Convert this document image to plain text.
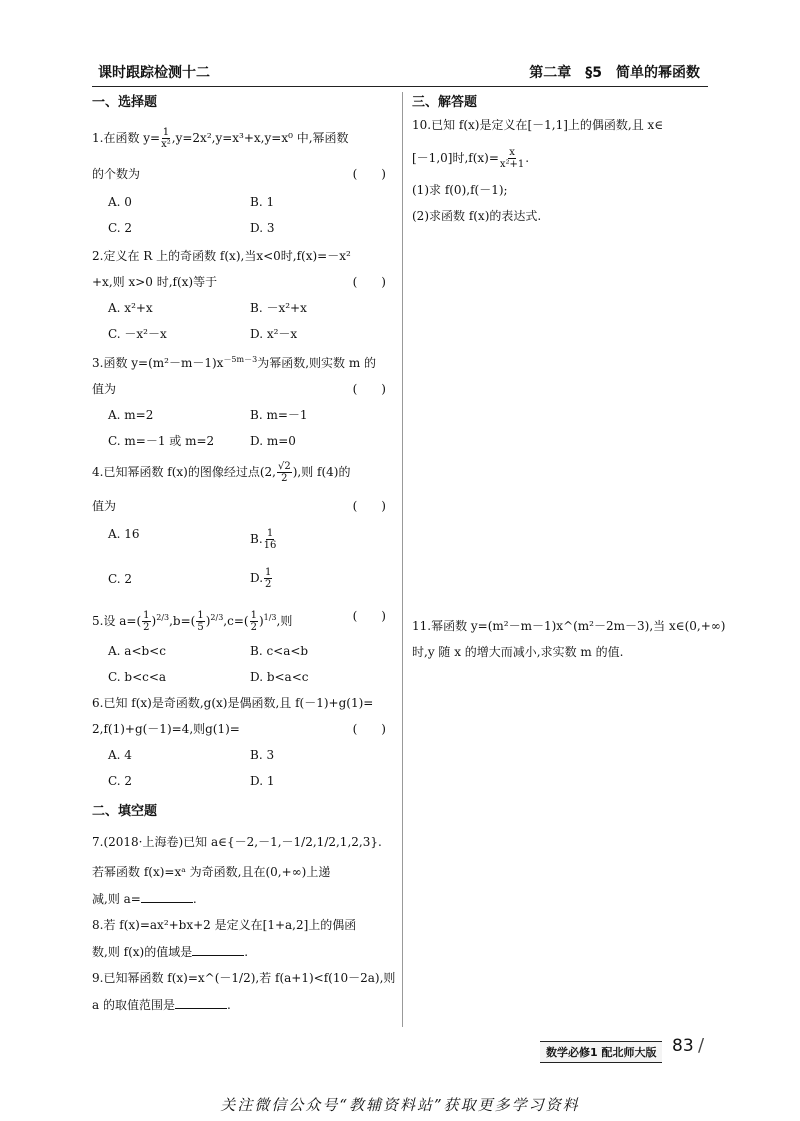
课时跟踪检测十二	第二章　§5　简单的幂函数
一、选择题
1.在函数 $y= \frac{1}{\text{x²}} ,y=2x^2,y=x^3+x,y=x^0$ 中,幂函数
的个数为	(　　)
A. 0	B. 1
C. 2	D. 3
2.定义在 R 上的奇函数 f(x),当x<0时,f(x)=－x²
+x,则 x>0 时,f(x)等于	(　　)
A. x²+x	B. －x²+x
C. －x²－x	D. x²－x
3.函数 $y=(m^2-m-1)x^{-5m-3}$为幂函数,则实数 m 的
值为	(　　)
A. m=2	B. m=－1
C. m=－1 或 m=2	D. m=0
4.已知幂函数 f(x)的图像经过点(2, $\frac{√2}{2}$ ),则 f(4)的
值为	(　　)
A. 16	B. $\frac{1}{16}$
C. 2	D. $\frac{1}{2}$
5.设 $a=( \frac{1}{2} )^{2/3},b=( \frac{1}{5} )^{2/3},c=( \frac{1}{2} )^{1/3}$,则	(　　)
A. a<b<c	B. c<a<b
C. b<c<a	D. b<a<c
6.已知 f(x)是奇函数,g(x)是偶函数,且 f(－1)+g(1)=
2,f(1)+g(－1)=4,则g(1)=	(　　)
A. 4	B. 3
C. 2	D. 1
二、填空题
7.(2018·上海卷)已知 a∈{－2,－1,－1/2,1/2,1,2,3}.
若幂函数 f(x)=xᵃ 为奇函数,且在(0,+∞)上递
减,则 a=	.
8.若 f(x)=ax²+bx+2 是定义在[1+a,2]上的偶函
数,则 f(x)的值域是	.
9.已知幂函数 f(x)=x^(－1/2),若 f(a+1)<f(10－2a),则
a 的取值范围是	.
三、解答题
10.已知 f(x)是定义在[－1,1]上的偶函数,且 x∈
[－1,0]时$,f(x)= \frac{x}{\text{x²+1}}$ .
(1)求 f(0),f(－1);
(2)求函数 f(x)的表达式.
11.幂函数 y=(m²－m－1)x^(m²－2m－3),当 x∈(0,+∞)
时,y 随 x 的增大而减小,求实数 m 的值.
数学必修1 配北师大版 83 /
关注微信公众号“教辅资料站”获取更多学习资料
